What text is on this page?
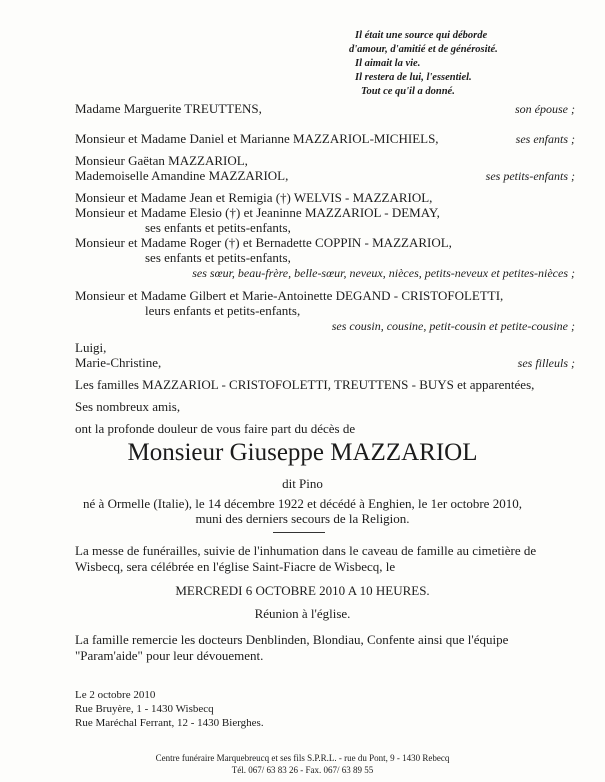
Il était une source qui déborde
d'amour, d'amitié et de générosité.
Il aimait la vie.
Il restera de lui, l'essentiel.
Tout ce qu'il a donné.
Madame Marguerite TREUTTENS,	son épouse ;
Monsieur et Madame Daniel et Marianne MAZZARIOL-MICHIELS,	ses enfants ;
Monsieur Gaëtan MAZZARIOL,
Mademoiselle Amandine MAZZARIOL,	ses petits-enfants ;
Monsieur et Madame Jean et Remigia (†) WELVIS - MAZZARIOL,
Monsieur et Madame Elesio (†) et Jeaninne MAZZARIOL - DEMAY,
ses enfants et petits-enfants,
Monsieur et Madame Roger (†) et Bernadette COPPIN - MAZZARIOL,
ses enfants et petits-enfants,
ses sœur, beau-frère, belle-sœur, neveux, nièces, petits-neveux et petites-nièces ;
Monsieur et Madame Gilbert et Marie-Antoinette DEGAND - CRISTOFOLETTI,
leurs enfants et petits-enfants,
ses cousin, cousine, petit-cousin et petite-cousine ;
Luigi,
Marie-Christine,	ses filleuls ;
Les familles MAZZARIOL - CRISTOFOLETTI, TREUTTENS - BUYS et apparentées,
Ses nombreux amis,
ont la profonde douleur de vous faire part du décès de
Monsieur Giuseppe MAZZARIOL
dit Pino
né à Ormelle (Italie), le 14 décembre 1922 et décédé à Enghien, le 1er octobre 2010,
muni des derniers secours de la Religion.
La messe de funérailles, suivie de l'inhumation dans le caveau de famille au cimetière de
Wisbecq, sera célébrée en l'église Saint-Fiacre de Wisbecq, le
MERCREDI 6 OCTOBRE 2010 A 10 HEURES.
Réunion à l'église.
La famille remercie les docteurs Denblinden, Blondiau, Confente ainsi que l'équipe
"Param'aide" pour leur dévouement.
Le 2 octobre 2010
Rue Bruyère, 1 - 1430 Wisbecq
Rue Maréchal Ferrant, 12 - 1430 Bierghes.
Centre funéraire Marquebreucq et ses fils S.P.R.L. - rue du Pont, 9 - 1430 Rebecq
Tél. 067/ 63 83 26 - Fax. 067/ 63 89 55
